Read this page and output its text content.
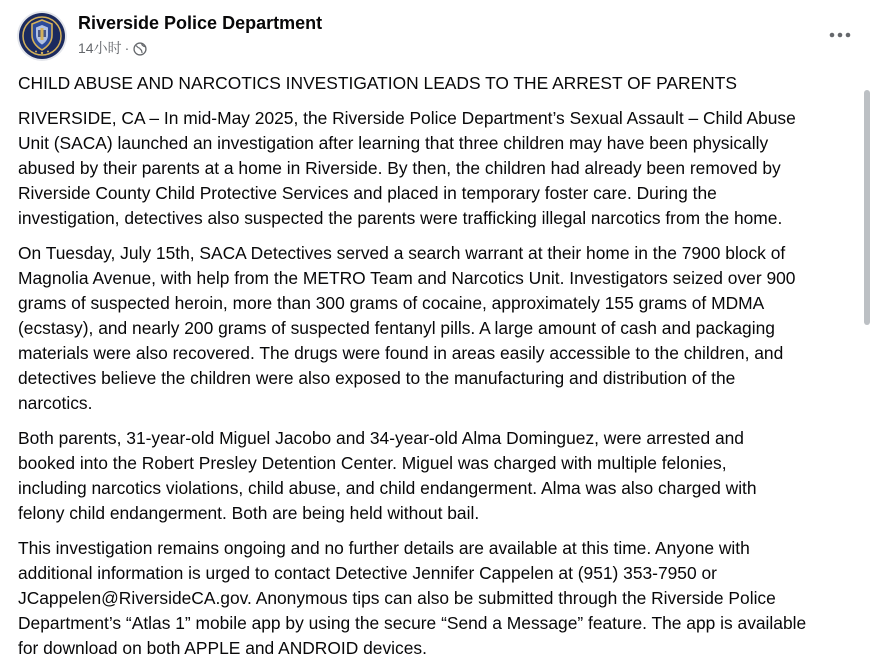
Riverside Police Department
14小时 ·

CHILD ABUSE AND NARCOTICS INVESTIGATION LEADS TO THE ARREST OF PARENTS

RIVERSIDE, CA – In mid-May 2025, the Riverside Police Department’s Sexual Assault – Child Abuse
Unit (SACA) launched an investigation after learning that three children may have been physically
abused by their parents at a home in Riverside. By then, the children had already been removed by
Riverside County Child Protective Services and placed in temporary foster care. During the
investigation, detectives also suspected the parents were trafficking illegal narcotics from the home.

On Tuesday, July 15th, SACA Detectives served a search warrant at their home in the 7900 block of
Magnolia Avenue, with help from the METRO Team and Narcotics Unit. Investigators seized over 900
grams of suspected heroin, more than 300 grams of cocaine, approximately 155 grams of MDMA
(ecstasy), and nearly 200 grams of suspected fentanyl pills. A large amount of cash and packaging
materials were also recovered. The drugs were found in areas easily accessible to the children, and
detectives believe the children were also exposed to the manufacturing and distribution of the
narcotics.

Both parents, 31-year-old Miguel Jacobo and 34-year-old Alma Dominguez, were arrested and
booked into the Robert Presley Detention Center. Miguel was charged with multiple felonies,
including narcotics violations, child abuse, and child endangerment. Alma was also charged with
felony child endangerment. Both are being held without bail.

This investigation remains ongoing and no further details are available at this time. Anyone with
additional information is urged to contact Detective Jennifer Cappelen at (951) 353-7950 or
JCappelen@RiversideCA.gov. Anonymous tips can also be submitted through the Riverside Police
Department’s “Atlas 1” mobile app by using the secure “Send a Message” feature. The app is available
for download on both APPLE and ANDROID devices.
